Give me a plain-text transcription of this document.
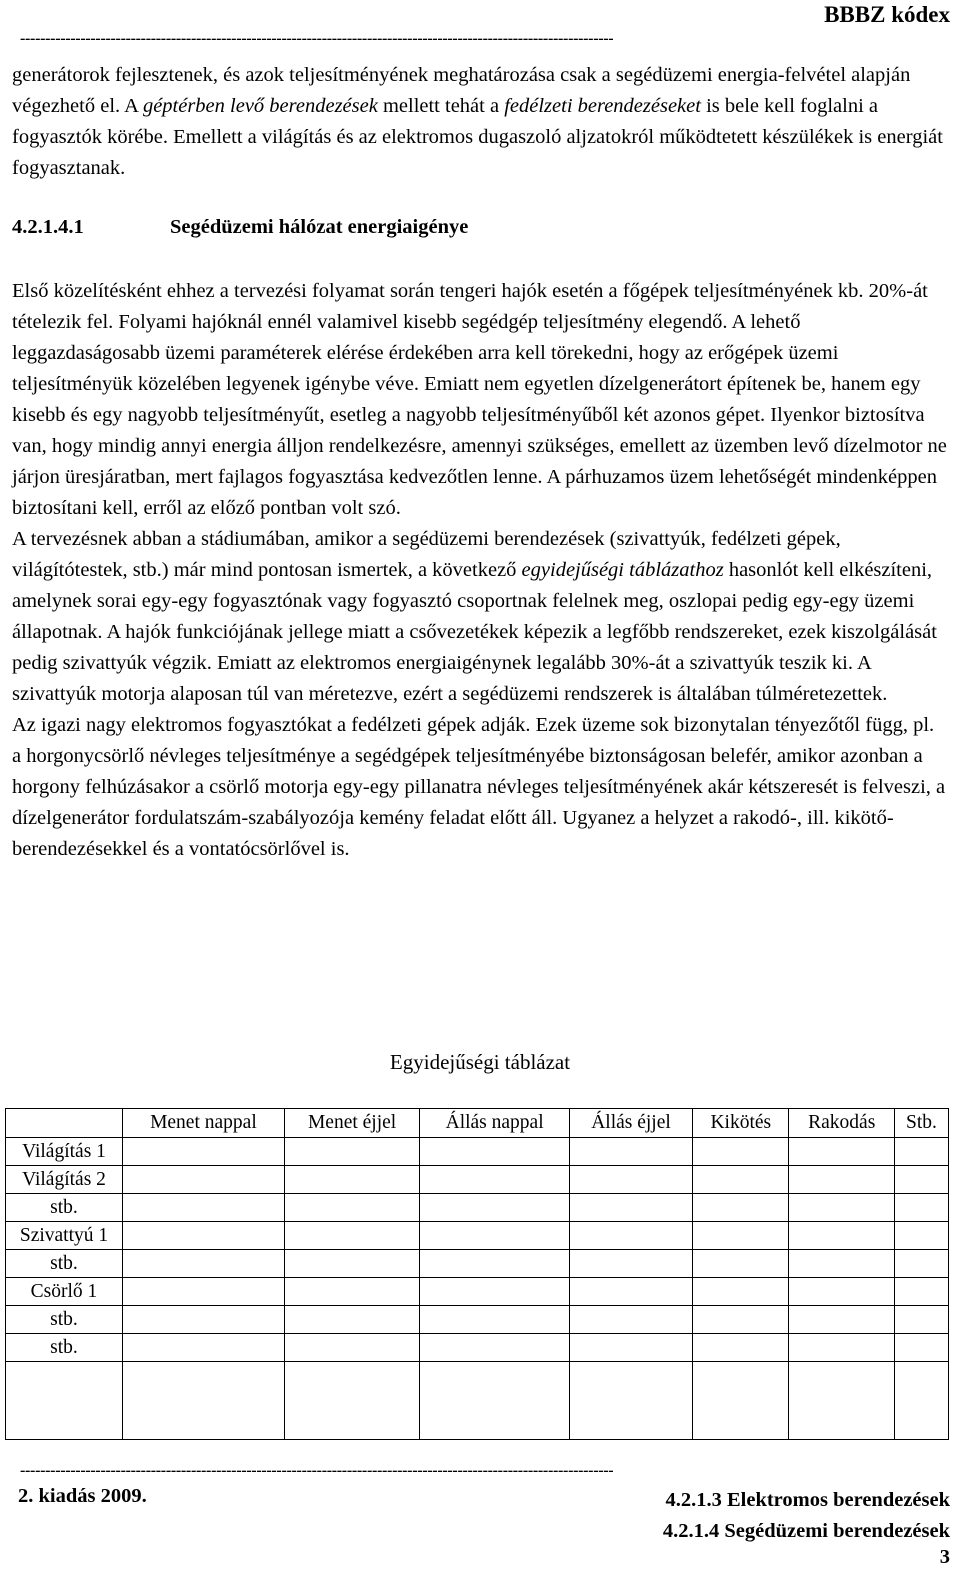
BBBZ kódex
----------------------------------------------------------------------------------------------------------------------

generátorok fejlesztenek, és azok teljesítményének meghatározása csak a segédüzemi energia-felvétel alapján végezhető el. A géptérben levő berendezések mellett tehát a fedélzeti berendezéseket is bele kell foglalni a fogyasztók körébe. Emellett a világítás és az elektromos dugaszoló aljzatokról működtetett készülékek is energiát fogyasztanak.

4.2.1.4.1	Segédüzemi hálózat energiaigénye

Első közelítésként ehhez a tervezési folyamat során tengeri hajók esetén a főgépek teljesítményének kb. 20%-át tételezik fel. Folyami hajóknál ennél valamivel kisebb segédgép teljesítmény elegendő. A lehető leggazdaságosabb üzemi paraméterek elérése érdekében arra kell törekedni, hogy az erőgépek üzemi teljesítményük közelében legyenek igénybe véve. Emiatt nem egyetlen dízelgenerátort építenek be, hanem egy kisebb és egy nagyobb teljesítményűt, esetleg a nagyobb teljesítményűből két azonos gépet. Ilyenkor biztosítva van, hogy mindig annyi energia álljon rendelkezésre, amennyi szükséges, emellett az üzemben levő dízelmotor ne járjon üresjáratban, mert fajlagos fogyasztása kedvezőtlen lenne. A párhuzamos üzem lehetőségét mindenképpen biztosítani kell, erről az előző pontban volt szó.

A tervezésnek abban a stádiumában, amikor a segédüzemi berendezések (szivattyúk, fedélzeti gépek, világítótestek, stb.) már mind pontosan ismertek, a következő egyidejűségi táblázathoz hasonlót kell elkészíteni, amelynek sorai egy-egy fogyasztónak vagy fogyasztó csoportnak felelnek meg, oszlopai pedig egy-egy üzemi állapotnak. A hajók funkciójának jellege miatt a csővezetékek képezik a legfőbb rendszereket, ezek kiszolgálását pedig szivattyúk végzik. Emiatt az elektromos energiaigénynek legalább 30%-át a szivattyúk teszik ki. A szivattyúk motorja alaposan túl van méretezve, ezért a segédüzemi rendszerek is általában túlméretezettek.

Az igazi nagy elektromos fogyasztókat a fedélzeti gépek adják. Ezek üzeme sok bizonytalan tényezőtől függ, pl. a horgonycsörlő névleges teljesítménye a segédgépek teljesítményébe biztonságosan belefér, amikor azonban a horgony felhúzásakor a csörlő motorja egy-egy pillanatra névleges teljesítményének akár kétszeresét is felveszi, a dízelgenerátor fordulatszám-szabályozója kemény feladat előtt áll. Ugyanez a helyzet a rakodó-, ill. kikötő-berendezésekkel és a vontatócsörlővel is.

Egyidejűségi táblázat
	Menet nappal	Menet éjjel	Állás nappal	Állás éjjel	Kikötés	Rakodás	Stb.
Világítás 1							
Világítás 2							
stb.							
Szivattyú 1							
stb.							
Csörlő 1							
stb.							
stb.							

----------------------------------------------------------------------------------------------------------------------
2. kiadás 2009.	4.2.1.3 Elektromos berendezések
4.2.1.4 Segédüzemi berendezések
3
